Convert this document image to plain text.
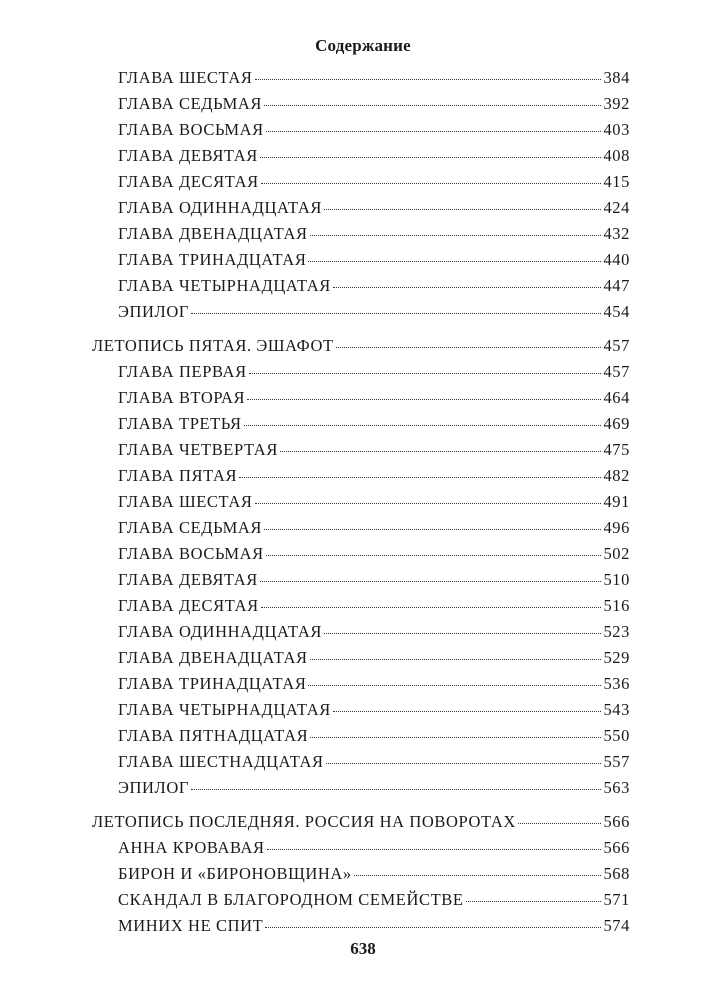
Содержание
ГЛАВА ШЕСТАЯ	384
ГЛАВА СЕДЬМАЯ	392
ГЛАВА ВОСЬМАЯ	403
ГЛАВА ДЕВЯТАЯ	408
ГЛАВА ДЕСЯТАЯ	415
ГЛАВА ОДИННАДЦАТАЯ	424
ГЛАВА ДВЕНАДЦАТАЯ	432
ГЛАВА ТРИНАДЦАТАЯ	440
ГЛАВА ЧЕТЫРНАДЦАТАЯ	447
ЭПИЛОГ	454
ЛЕТОПИСЬ ПЯТАЯ. ЭШАФОТ	457
ГЛАВА ПЕРВАЯ	457
ГЛАВА ВТОРАЯ	464
ГЛАВА ТРЕТЬЯ	469
ГЛАВА ЧЕТВЕРТАЯ	475
ГЛАВА ПЯТАЯ	482
ГЛАВА ШЕСТАЯ	491
ГЛАВА СЕДЬМАЯ	496
ГЛАВА ВОСЬМАЯ	502
ГЛАВА ДЕВЯТАЯ	510
ГЛАВА ДЕСЯТАЯ	516
ГЛАВА ОДИННАДЦАТАЯ	523
ГЛАВА ДВЕНАДЦАТАЯ	529
ГЛАВА ТРИНАДЦАТАЯ	536
ГЛАВА ЧЕТЫРНАДЦАТАЯ	543
ГЛАВА ПЯТНАДЦАТАЯ	550
ГЛАВА ШЕСТНАДЦАТАЯ	557
ЭПИЛОГ	563
ЛЕТОПИСЬ ПОСЛЕДНЯЯ. РОССИЯ НА ПОВОРОТАХ	566
АННА КРОВАВАЯ	566
БИРОН И «БИРОНОВЩИНА»	568
СКАНДАЛ В БЛАГОРОДНОМ СЕМЕЙСТВЕ	571
МИНИХ НЕ СПИТ	574
638
